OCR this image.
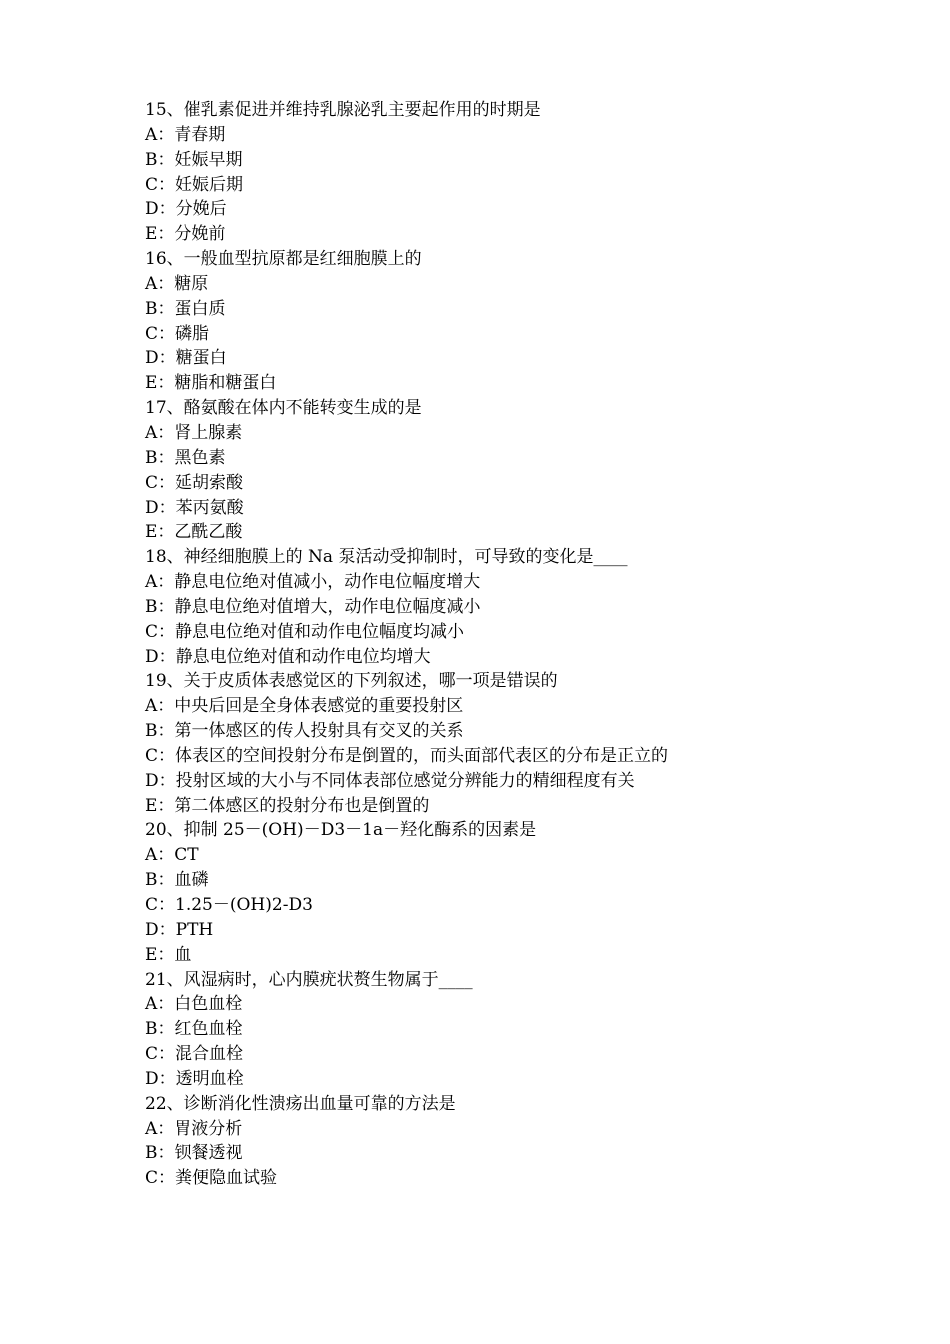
15、催乳素促进并维持乳腺泌乳主要起作用的时期是
A：青春期
B：妊娠早期
C：妊娠后期
D：分娩后
E：分娩前
16、一般血型抗原都是红细胞膜上的
A：糖原
B：蛋白质
C：磷脂
D：糖蛋白
E：糖脂和糖蛋白
17、酪氨酸在体内不能转变生成的是
A：肾上腺素
B：黑色素
C：延胡索酸
D：苯丙氨酸
E：乙酰乙酸
18、神经细胞膜上的 Na 泵活动受抑制时，可导致的变化是____
A：静息电位绝对值减小，动作电位幅度增大
B：静息电位绝对值增大，动作电位幅度减小
C：静息电位绝对值和动作电位幅度均减小
D：静息电位绝对值和动作电位均增大
19、关于皮质体表感觉区的下列叙述，哪一项是错误的
A：中央后回是全身体表感觉的重要投射区
B：第一体感区的传人投射具有交叉的关系
C：体表区的空间投射分布是倒置的，而头面部代表区的分布是正立的
D：投射区域的大小与不同体表部位感觉分辨能力的精细程度有关
E：第二体感区的投射分布也是倒置的
20、抑制 25－(OH)－D3－1a－羟化酶系的因素是
A：CT
B：血磷
C：1.25－(OH)2-D3
D：PTH
E：血
21、风湿病时，心内膜疣状赘生物属于____
A：白色血栓
B：红色血栓
C：混合血栓
D：透明血栓
22、诊断消化性溃疡出血量可靠的方法是
A：胃液分析
B：钡餐透视
C：粪便隐血试验
